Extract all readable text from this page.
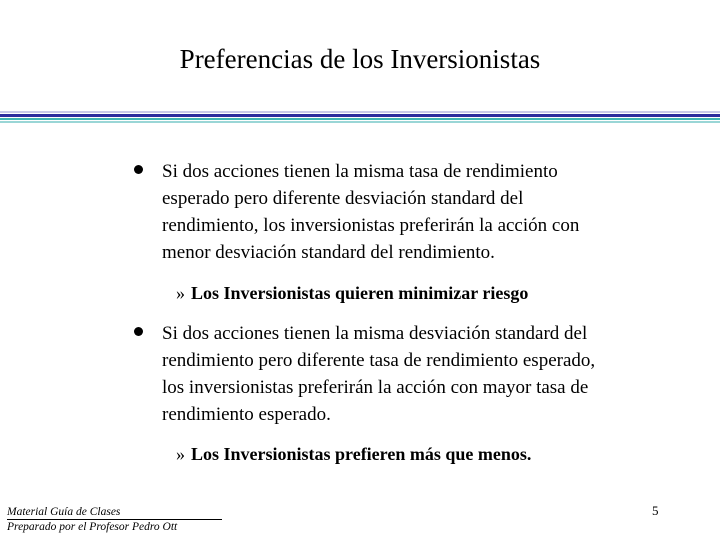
Preferencias de los Inversionistas
Si dos acciones tienen la misma tasa de rendimiento
esperado pero diferente desviación standard del
rendimiento, los inversionistas preferirán la acción con
menor desviación standard del rendimiento.
» Los Inversionistas quieren minimizar riesgo
Si dos acciones tienen la misma desviación standard del
rendimiento pero diferente tasa de rendimiento esperado,
los inversionistas preferirán la acción con mayor tasa de
rendimiento esperado.
» Los Inversionistas prefieren más que menos.
Material Guía de Clases
Preparado por el Profesor Pedro Ott
5
